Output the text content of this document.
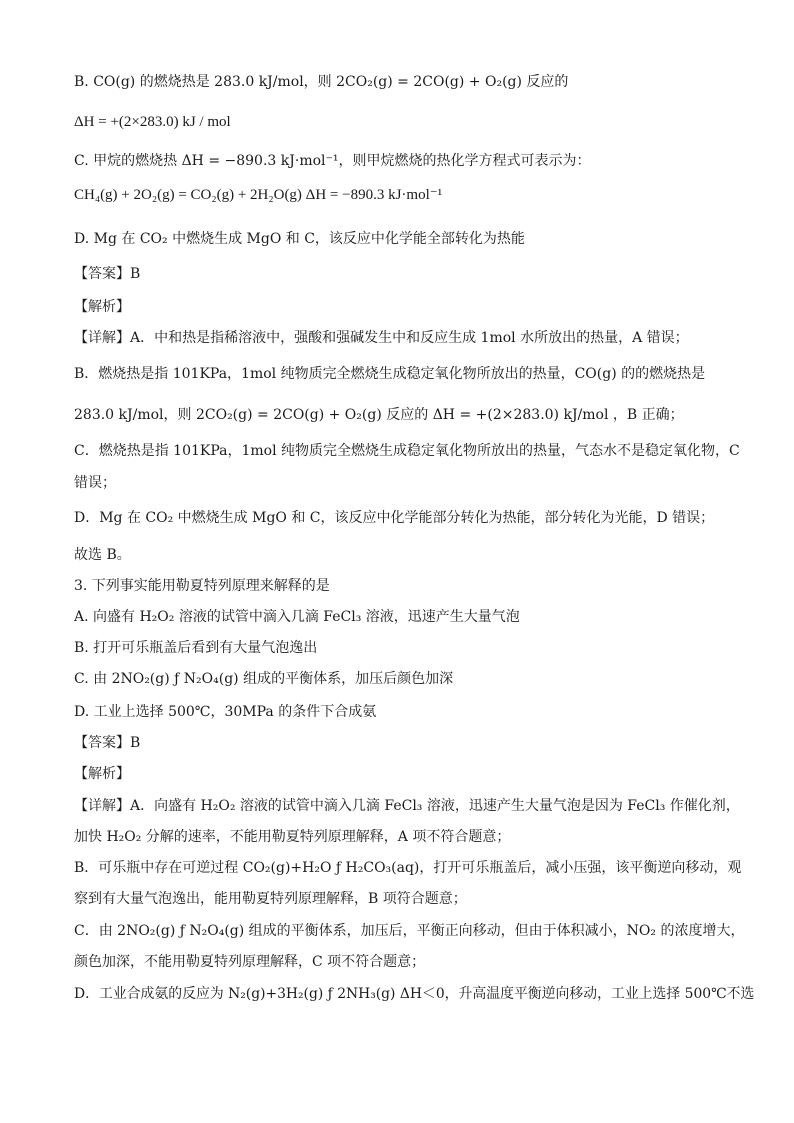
B. CO(g) 的燃烧热是 283.0 kJ/mol，则 2CO₂(g) = 2CO(g) + O₂(g) 反应的
ΔH = +(2×283.0) kJ / mol
C. 甲烷的燃烧热 ΔH = −890.3 kJ·mol⁻¹，则甲烷燃烧的热化学方程式可表示为：
CH₄(g) + 2O₂(g) = CO₂(g) + 2H₂O(g) ΔH = −890.3 kJ·mol⁻¹
D. Mg 在 CO₂ 中燃烧生成 MgO 和 C，该反应中化学能全部转化为热能
【答案】B
【解析】
【详解】A．中和热是指稀溶液中，强酸和强碱发生中和反应生成 1mol 水所放出的热量，A 错误；
B．燃烧热是指 101KPa，1mol 纯物质完全燃烧生成稳定氧化物所放出的热量，CO(g) 的的燃烧热是
283.0 kJ/mol，则 2CO₂(g) = 2CO(g) + O₂(g) 反应的 ΔH = +(2×283.0) kJ/mol ，B 正确；
C．燃烧热是指 101KPa，1mol 纯物质完全燃烧生成稳定氧化物所放出的热量，气态水不是稳定氧化物，C
错误；
D．Mg 在 CO₂ 中燃烧生成 MgO 和 C，该反应中化学能部分转化为热能，部分转化为光能，D 错误；
故选 B。
3. 下列事实能用勒夏特列原理来解释的是
A. 向盛有 H₂O₂ 溶液的试管中滴入几滴 FeCl₃ 溶液，迅速产生大量气泡
B. 打开可乐瓶盖后看到有大量气泡逸出
C. 由 2NO₂(g) ƒ N₂O₄(g) 组成的平衡体系，加压后颜色加深
D. 工业上选择 500℃，30MPa 的条件下合成氨
【答案】B
【解析】
【详解】A．向盛有 H₂O₂ 溶液的试管中滴入几滴 FeCl₃ 溶液，迅速产生大量气泡是因为 FeCl₃ 作催化剂，
加快 H₂O₂ 分解的速率，不能用勒夏特列原理解释，A 项不符合题意；
B．可乐瓶中存在可逆过程 CO₂(g)+H₂O ƒ H₂CO₃(aq)，打开可乐瓶盖后，减小压强，该平衡逆向移动，观
察到有大量气泡逸出，能用勒夏特列原理解释，B 项符合题意；
C．由 2NO₂(g) ƒ N₂O₄(g) 组成的平衡体系，加压后，平衡正向移动，但由于体积减小，NO₂ 的浓度增大，
颜色加深，不能用勒夏特列原理解释，C 项不符合题意；
D．工业合成氨的反应为 N₂(g)+3H₂(g) ƒ 2NH₃(g) ΔH＜0，升高温度平衡逆向移动，工业上选择 500℃不选
